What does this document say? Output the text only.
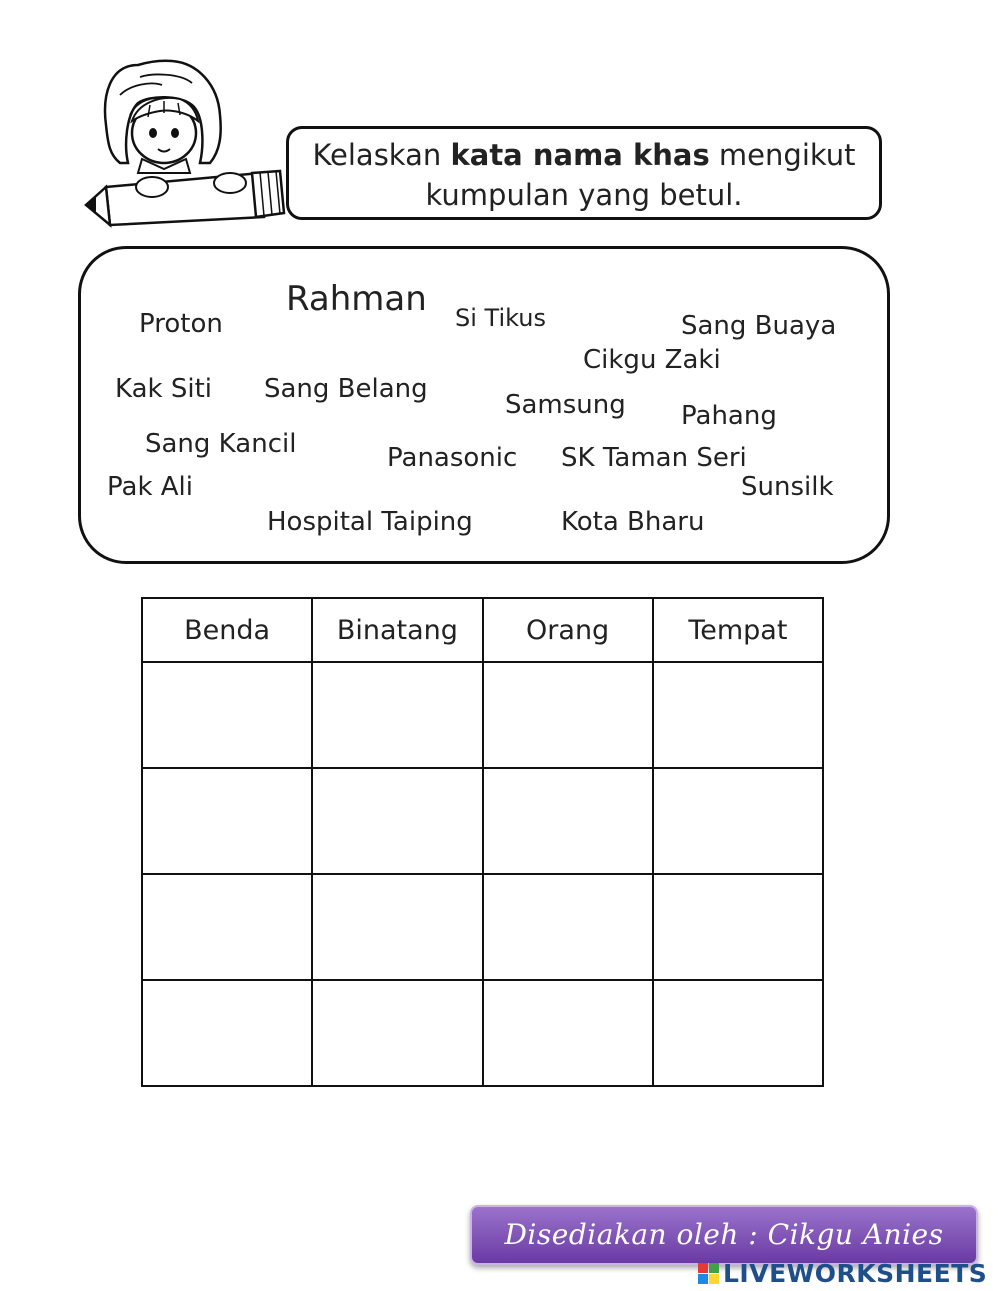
Kelaskan kata nama khas mengikut kumpulan yang betul.
Rahman Si Tikus
Proton	Sang Buaya
Cikgu Zaki
Kak Siti Sang Belang
Samsung Pahang
Sang Kancil	Panasonic SK Taman Seri
Pak Ali	Sunsilk
Hospital Taiping	Kota Bharu
Benda	Binatang	Orang	Tempat

Disediakan oleh : Cikgu Anies
LIVEWORKSHEETS
